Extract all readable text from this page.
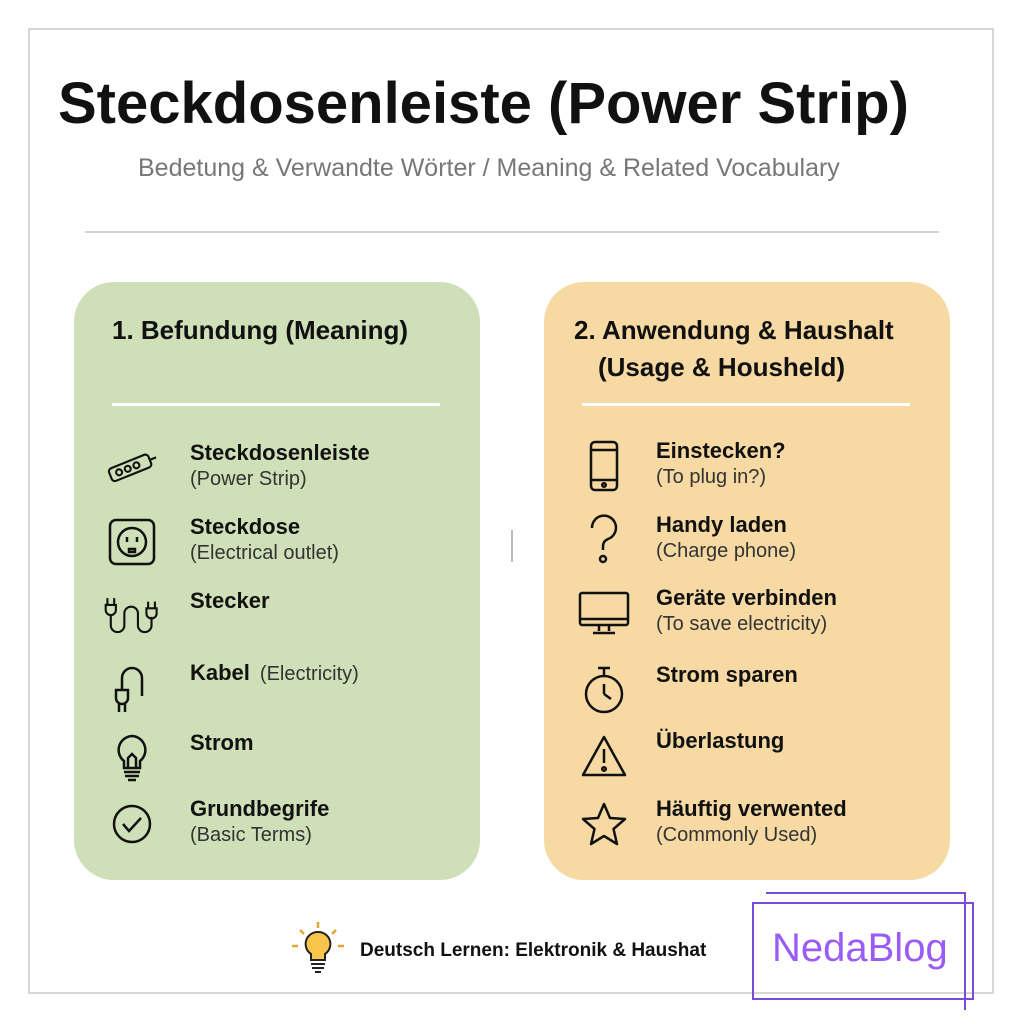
Steckdosenleiste (Power Strip)

Bedetung & Verwandte Wörter / Meaning & Related Vocabulary

1. Befundung (Meaning)
Steckdosenleiste
(Power Strip)
Steckdose
(Electrical outlet)
Stecker
Kabel (Electricity)
Strom
Grundbegrife
(Basic Terms)
2. Anwendung & Haushalt
(Usage & Housheld)
Einstecken?
(To plug in?)
Handy laden
(Charge phone)
Geräte verbinden
(To save electricity)
Strom sparen
Überlastung
Häuftig verwented
(Commonly Used)
Deutsch Lernen: Elektronik & Haushat NedaBlog
